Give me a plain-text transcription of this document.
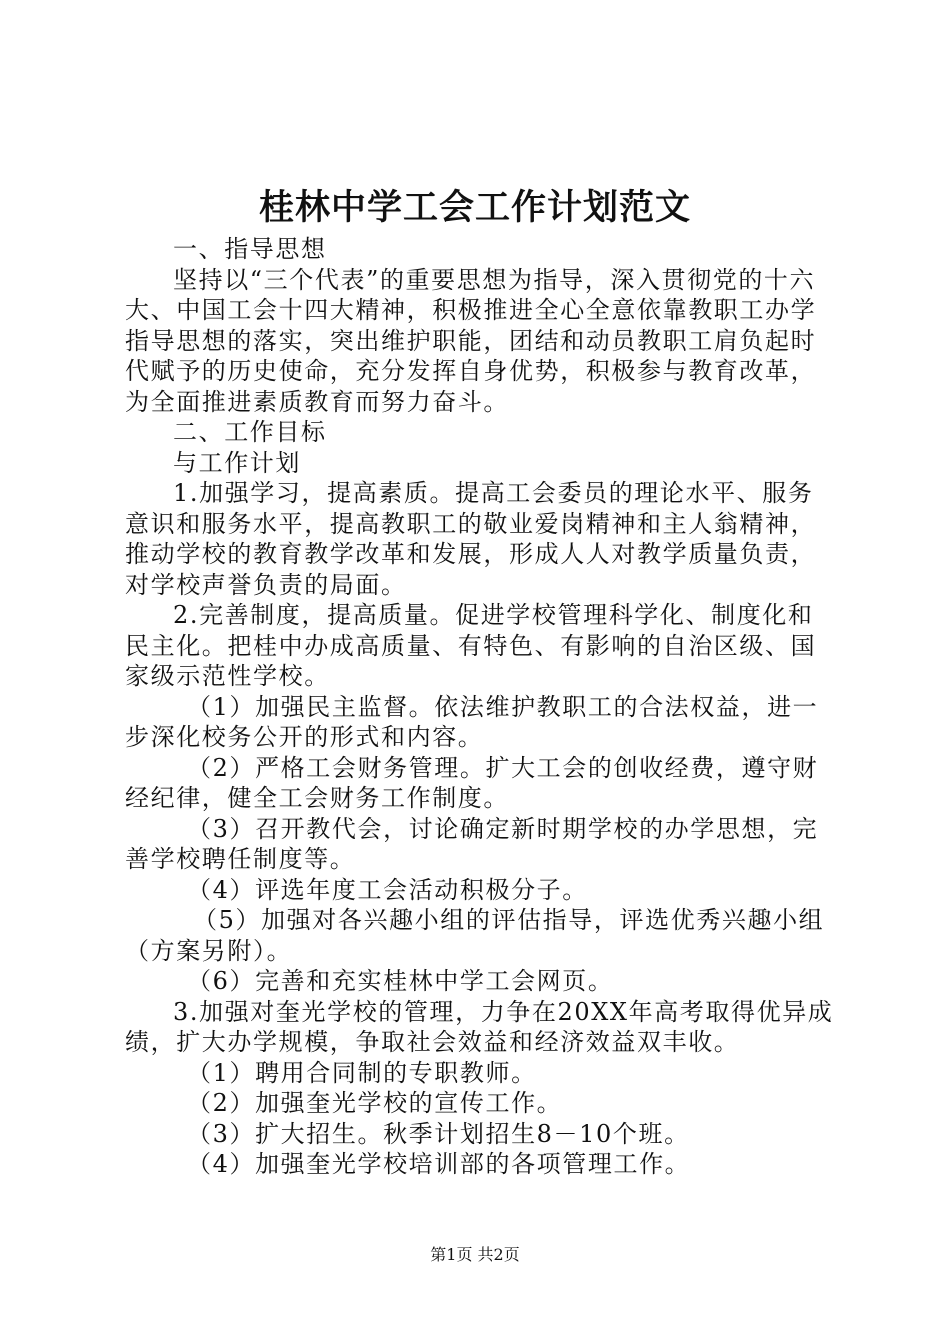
桂林中学工会工作计划范文

一、指导思想

坚持以“三个代表”的重要思想为指导，深入贯彻党的十六大、中国工会十四大精神，积极推进全心全意依靠教职工办学指导思想的落实，突出维护职能，团结和动员教职工肩负起时代赋予的历史使命，充分发挥自身优势，积极参与教育改革，为全面推进素质教育而努力奋斗。

二、工作目标

与工作计划

1.加强学习，提高素质。提高工会委员的理论水平、服务意识和服务水平，提高教职工的敬业爱岗精神和主人翁精神，推动学校的教育教学改革和发展，形成人人对教学质量负责，对学校声誉负责的局面。

2.完善制度，提高质量。促进学校管理科学化、制度化和民主化。把桂中办成高质量、有特色、有影响的自治区级、国家级示范性学校。

（1）加强民主监督。依法维护教职工的合法权益，进一步深化校务公开的形式和内容。

（2）严格工会财务管理。扩大工会的创收经费，遵守财经纪律，健全工会财务工作制度。

（3）召开教代会，讨论确定新时期学校的办学思想，完善学校聘任制度等。

（4）评选年度工会活动积极分子。

（5）加强对各兴趣小组的评估指导，评选优秀兴趣小组（方案另附）。

（6）完善和充实桂林中学工会网页。

3.加强对奎光学校的管理，力争在20XX年高考取得优异成绩，扩大办学规模，争取社会效益和经济效益双丰收。

（1）聘用合同制的专职教师。

（2）加强奎光学校的宣传工作。

（3）扩大招生。秋季计划招生8－10个班。

（4）加强奎光学校培训部的各项管理工作。

第1页 共2页
